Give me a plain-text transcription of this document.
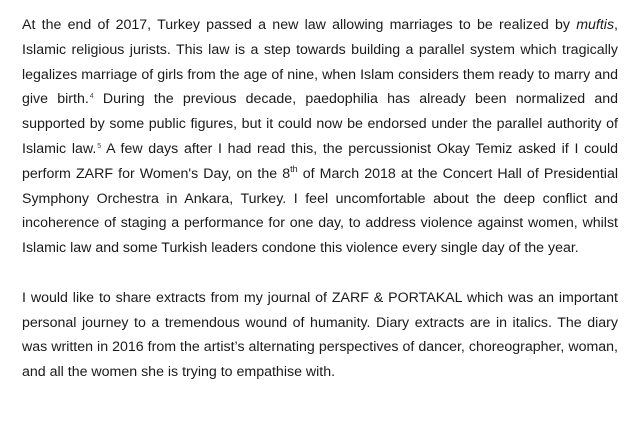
At the end of 2017, Turkey passed a new law allowing marriages to be realized by muftis, Islamic religious jurists. This law is a step towards building a parallel system which tragically legalizes marriage of girls from the age of nine, when Islam considers them ready to marry and give birth.$^4$ During the previous decade, paedophilia has already been normalized and supported by some public figures, but it could now be endorsed under the parallel authority of Islamic law.$^5$ A few days after I had read this, the percussionist Okay Temiz asked if I could perform ZARF for Women's Day, on the 8th of March 2018 at the Concert Hall of Presidential Symphony Orchestra in Ankara, Turkey. I feel uncomfortable about the deep conflict and incoherence of staging a performance for one day, to address violence against women, whilst Islamic law and some Turkish leaders condone this violence every single day of the year.

I would like to share extracts from my journal of ZARF & PORTAKAL which was an important personal journey to a tremendous wound of humanity. Diary extracts are in italics. The diary was written in 2016 from the artist’s alternating perspectives of dancer, choreographer, woman, and all the women she is trying to empathise with.
